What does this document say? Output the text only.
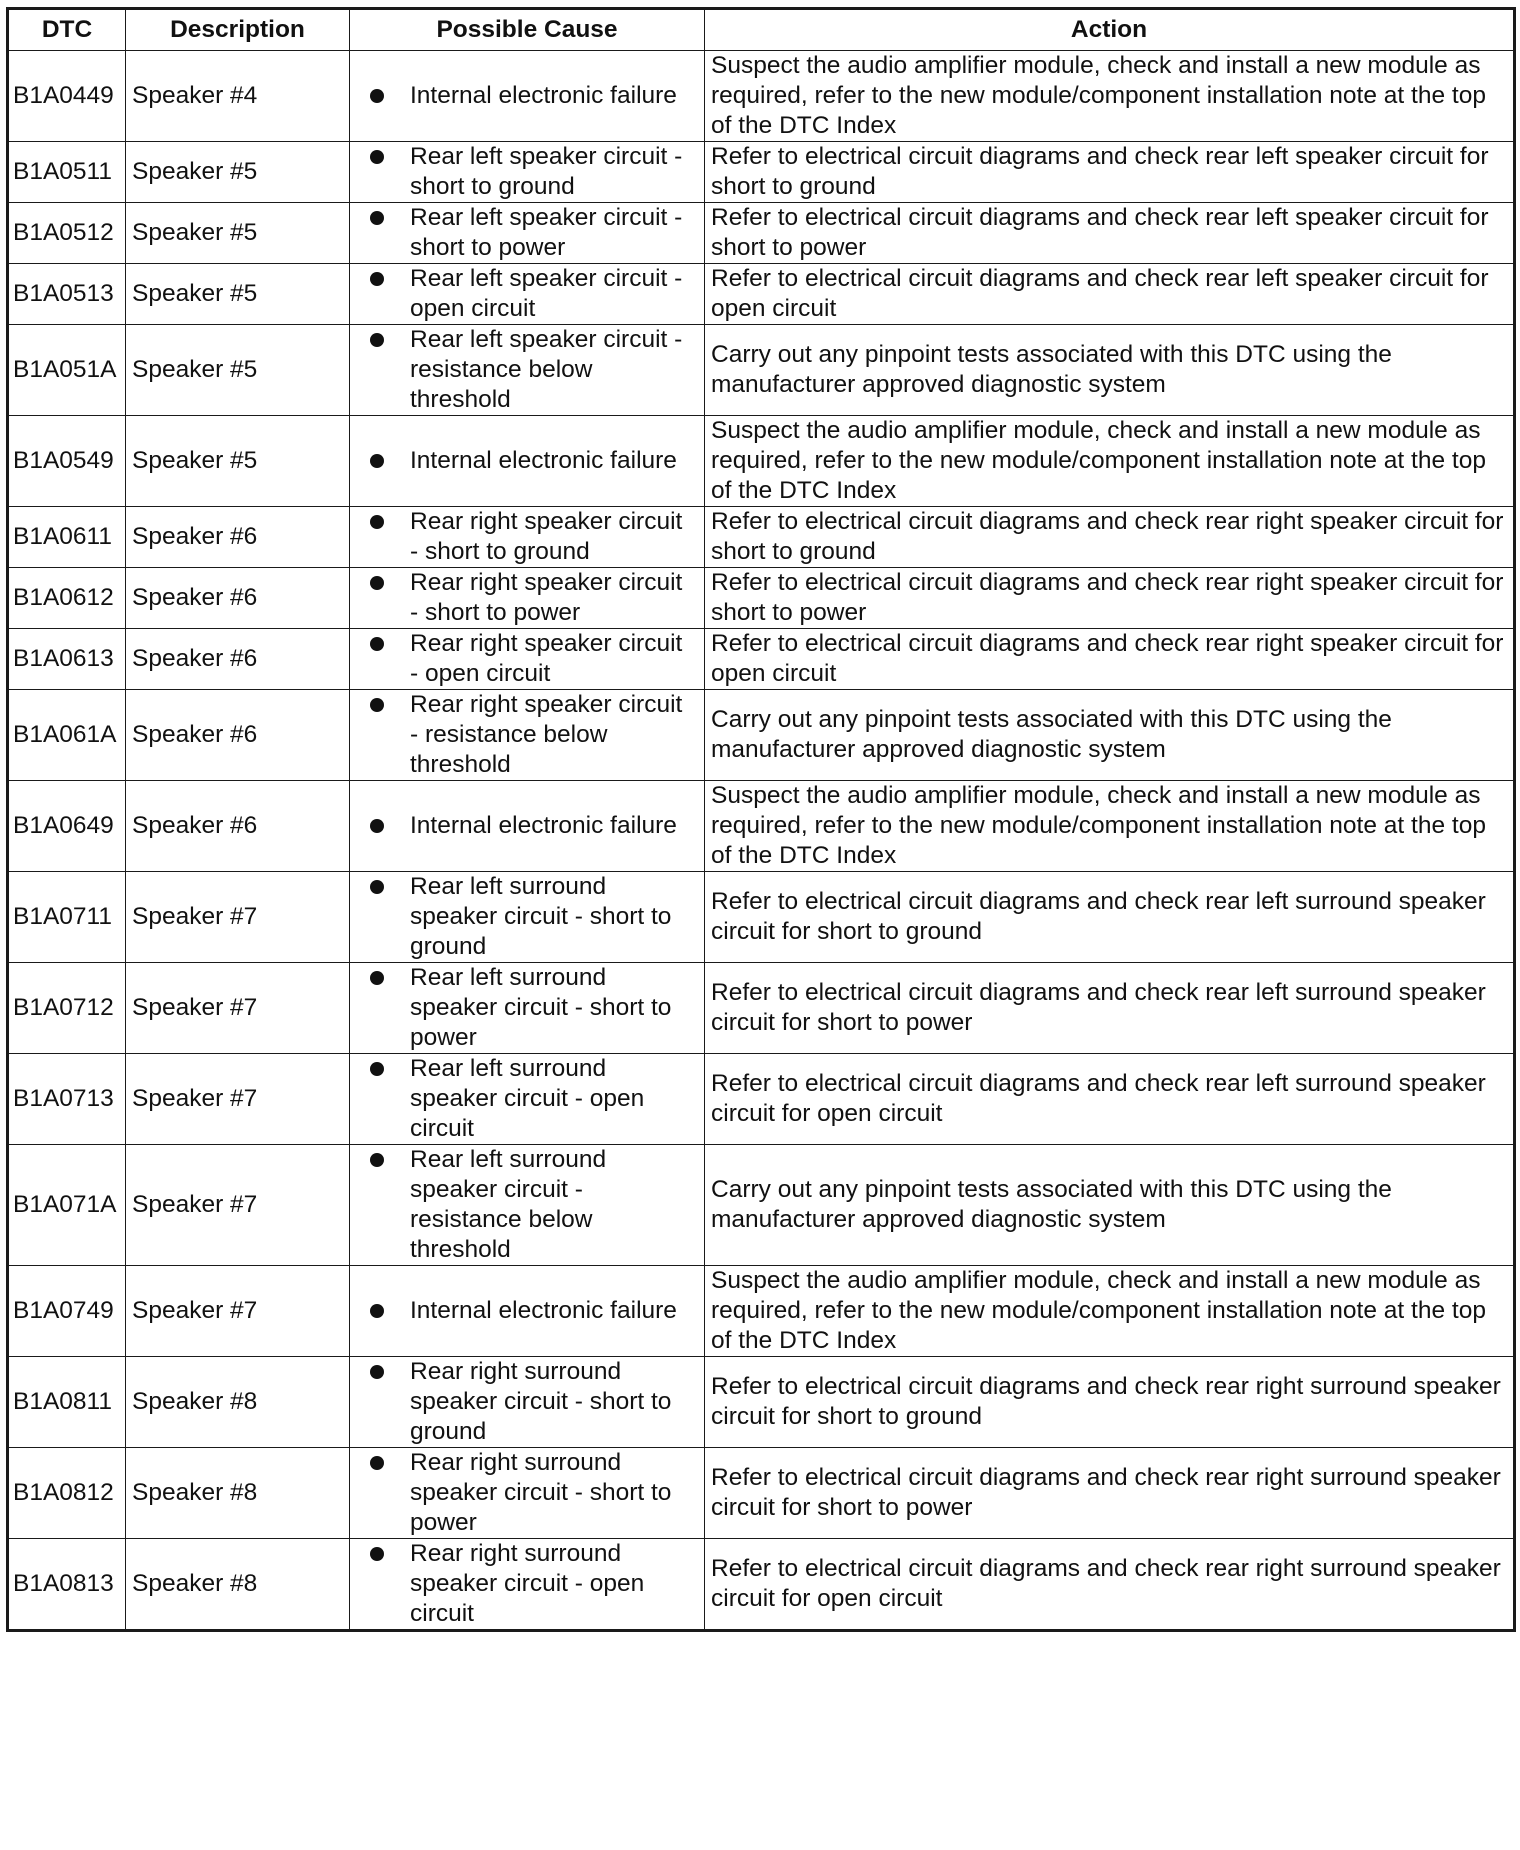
DTC	Description	Possible Cause	Action
B1A0449	Speaker #4	Internal electronic failure	Suspect the audio amplifier module, check and install a new module as required, refer to the new module/component installation note at the top of the DTC Index
B1A0511	Speaker #5	Rear left speaker circuit - short to ground	Refer to electrical circuit diagrams and check rear left speaker circuit for short to ground
B1A0512	Speaker #5	Rear left speaker circuit - short to power	Refer to electrical circuit diagrams and check rear left speaker circuit for short to power
B1A0513	Speaker #5	Rear left speaker circuit - open circuit	Refer to electrical circuit diagrams and check rear left speaker circuit for open circuit
B1A051A	Speaker #5	Rear left speaker circuit - resistance below threshold	Carry out any pinpoint tests associated with this DTC using the manufacturer approved diagnostic system
B1A0549	Speaker #5	Internal electronic failure	Suspect the audio amplifier module, check and install a new module as required, refer to the new module/component installation note at the top of the DTC Index
B1A0611	Speaker #6	Rear right speaker circuit - short to ground	Refer to electrical circuit diagrams and check rear right speaker circuit for short to ground
B1A0612	Speaker #6	Rear right speaker circuit - short to power	Refer to electrical circuit diagrams and check rear right speaker circuit for short to power
B1A0613	Speaker #6	Rear right speaker circuit - open circuit	Refer to electrical circuit diagrams and check rear right speaker circuit for open circuit
B1A061A	Speaker #6	Rear right speaker circuit - resistance below threshold	Carry out any pinpoint tests associated with this DTC using the manufacturer approved diagnostic system
B1A0649	Speaker #6	Internal electronic failure	Suspect the audio amplifier module, check and install a new module as required, refer to the new module/component installation note at the top of the DTC Index
B1A0711	Speaker #7	Rear left surround speaker circuit - short to ground	Refer to electrical circuit diagrams and check rear left surround speaker circuit for short to ground
B1A0712	Speaker #7	Rear left surround speaker circuit - short to power	Refer to electrical circuit diagrams and check rear left surround speaker circuit for short to power
B1A0713	Speaker #7	Rear left surround speaker circuit - open circuit	Refer to electrical circuit diagrams and check rear left surround speaker circuit for open circuit
B1A071A	Speaker #7	Rear left surround speaker circuit - resistance below threshold	Carry out any pinpoint tests associated with this DTC using the manufacturer approved diagnostic system
B1A0749	Speaker #7	Internal electronic failure	Suspect the audio amplifier module, check and install a new module as required, refer to the new module/component installation note at the top of the DTC Index
B1A0811	Speaker #8	Rear right surround speaker circuit - short to ground	Refer to electrical circuit diagrams and check rear right surround speaker circuit for short to ground
B1A0812	Speaker #8	Rear right surround speaker circuit - short to power	Refer to electrical circuit diagrams and check rear right surround speaker circuit for short to power
B1A0813	Speaker #8	Rear right surround speaker circuit - open circuit	Refer to electrical circuit diagrams and check rear right surround speaker circuit for open circuit
